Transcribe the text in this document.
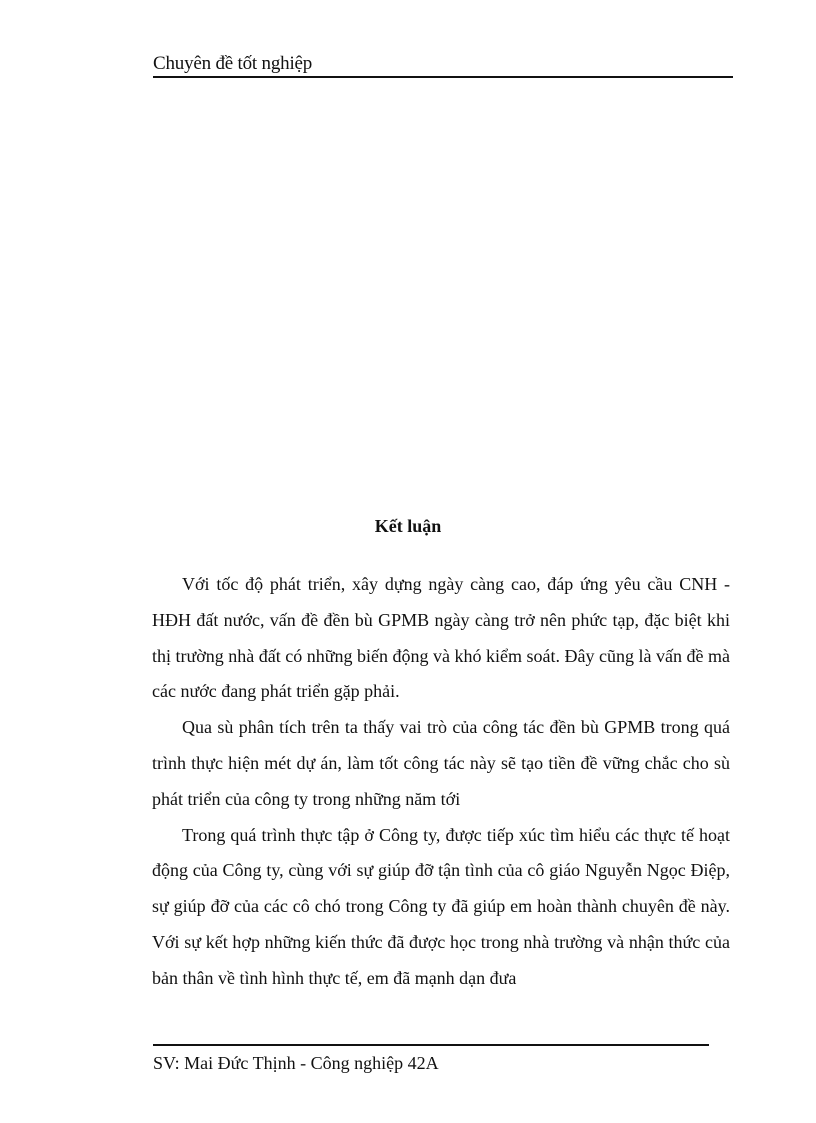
Chuyên đề tốt nghiệp
Kết luận

Với tốc độ phát triển, xây dựng ngày càng cao, đáp ứng yêu cầu CNH - HĐH đất nước, vấn đề đền bù GPMB ngày càng trở nên phức tạp, đặc biệt khi thị trường nhà đất có những biến động và khó kiểm soát. Đây cũng là vấn đề mà các nước đang phát triển gặp phải.

Qua sù phân tích trên ta thấy vai trò của công tác đền bù GPMB trong quá trình thực hiện mét dự án, làm tốt công tác này sẽ tạo tiền đề vững chắc cho sù phát triển của công ty trong những năm tới

Trong quá trình thực tập ở Công ty, được tiếp xúc tìm hiểu các thực tế hoạt động của Công ty, cùng với sự giúp đỡ tận tình của cô giáo Nguyễn Ngọc Điệp, sự giúp đỡ của các cô chó trong Công ty đã giúp em hoàn thành chuyên đề này. Với sự kết hợp những kiến thức đã được học trong nhà trường và nhận thức của bản thân về tình hình thực tế, em đã mạnh dạn đưa

SV: Mai Đức Thịnh - Công nghiệp 42A
